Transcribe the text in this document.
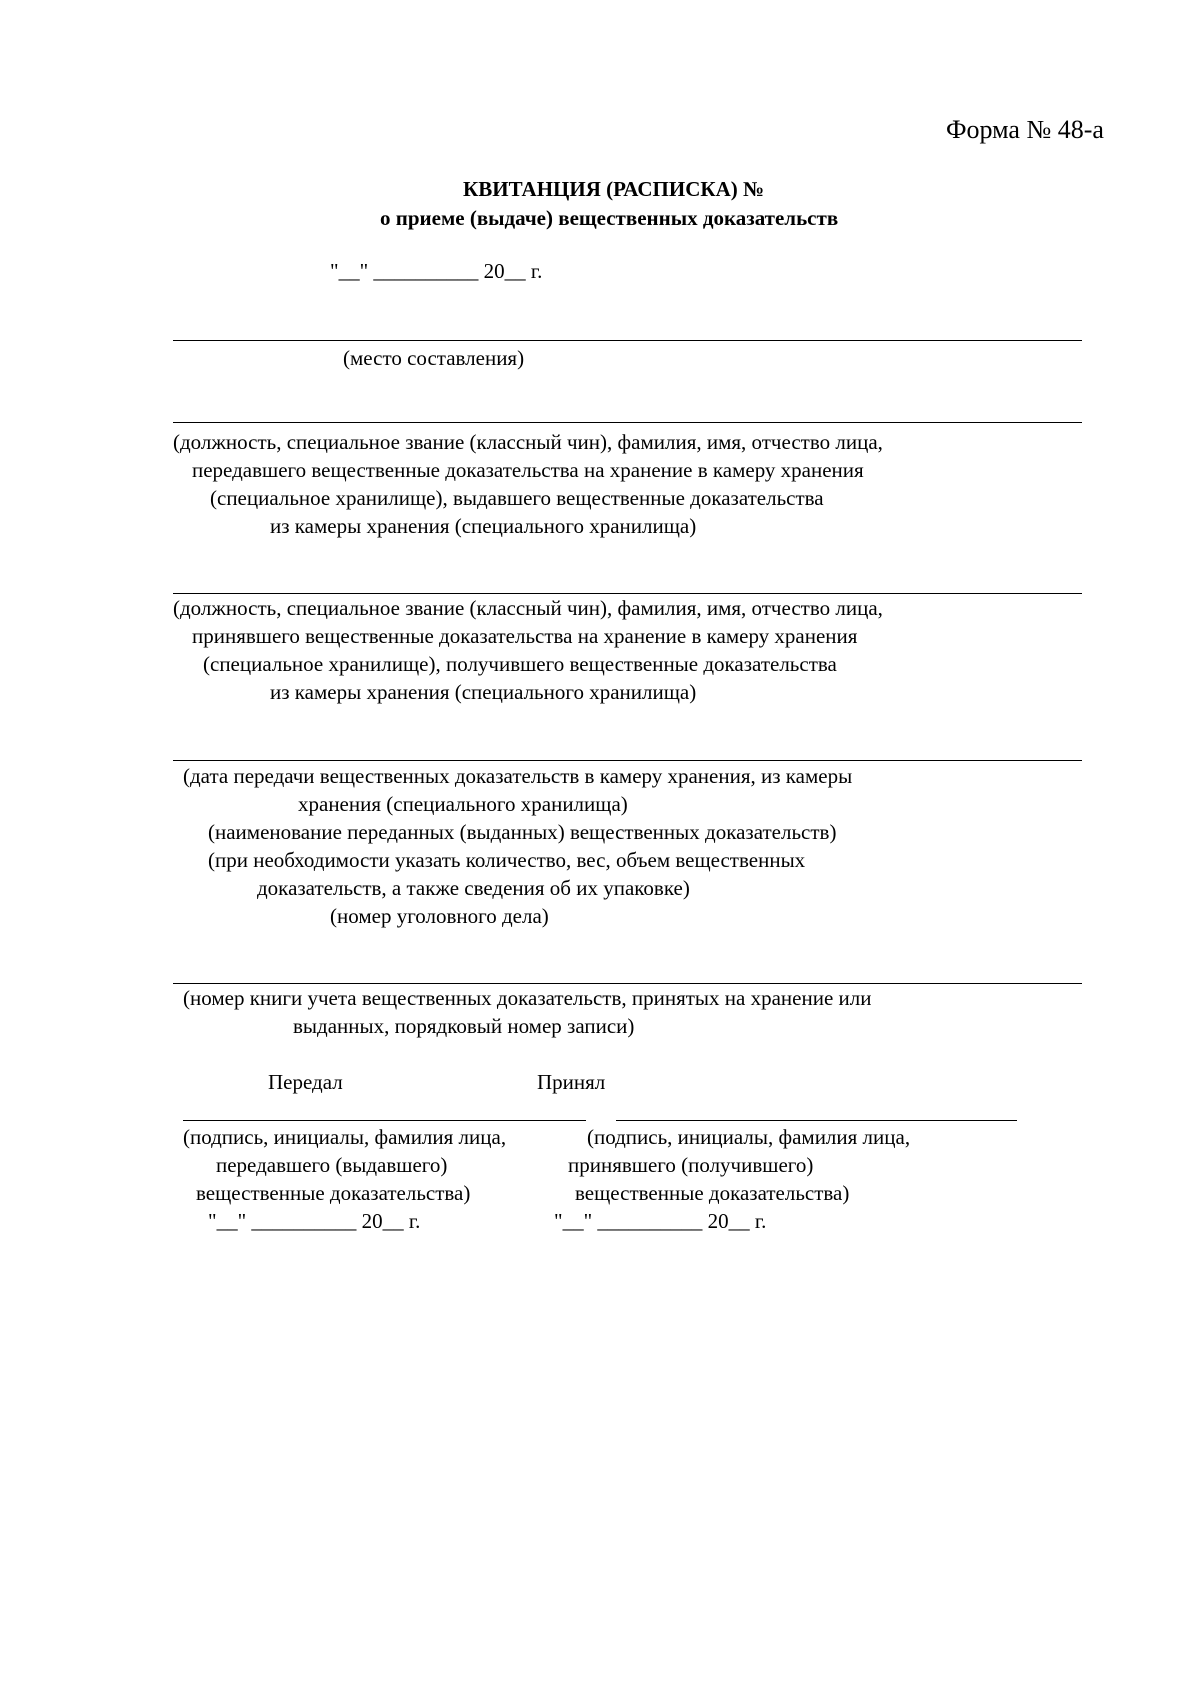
Форма № 48-а
КВИТАНЦИЯ (РАСПИСКА) №
о приеме (выдаче) вещественных доказательств
"__" __________ 20__ г.
(место составления)
(должность, специальное звание (классный чин), фамилия, имя, отчество лица,
передавшего вещественные доказательства на хранение в камеру хранения
(специальное хранилище), выдавшего вещественные доказательства
из камеры хранения (специального хранилища)
(должность, специальное звание (классный чин), фамилия, имя, отчество лица,
принявшего вещественные доказательства на хранение в камеру хранения
(специальное хранилище), получившего вещественные доказательства
из камеры хранения (специального хранилища)
(дата передачи вещественных доказательств в камеру хранения, из камеры
хранения (специального хранилища)
(наименование переданных (выданных) вещественных доказательств)
(при необходимости указать количество, вес, объем вещественных
доказательств, а также сведения об их упаковке)
(номер уголовного дела)
(номер книги учета вещественных доказательств, принятых на хранение или
выданных, порядковый номер записи)
Передал	Принял
(подпись, инициалы, фамилия лица,
передавшего (выдавшего)
вещественные доказательства)
(подпись, инициалы, фамилия лица,
принявшего (получившего)
вещественные доказательства)
"__" __________ 20__ г.	"__" __________ 20__ г.
